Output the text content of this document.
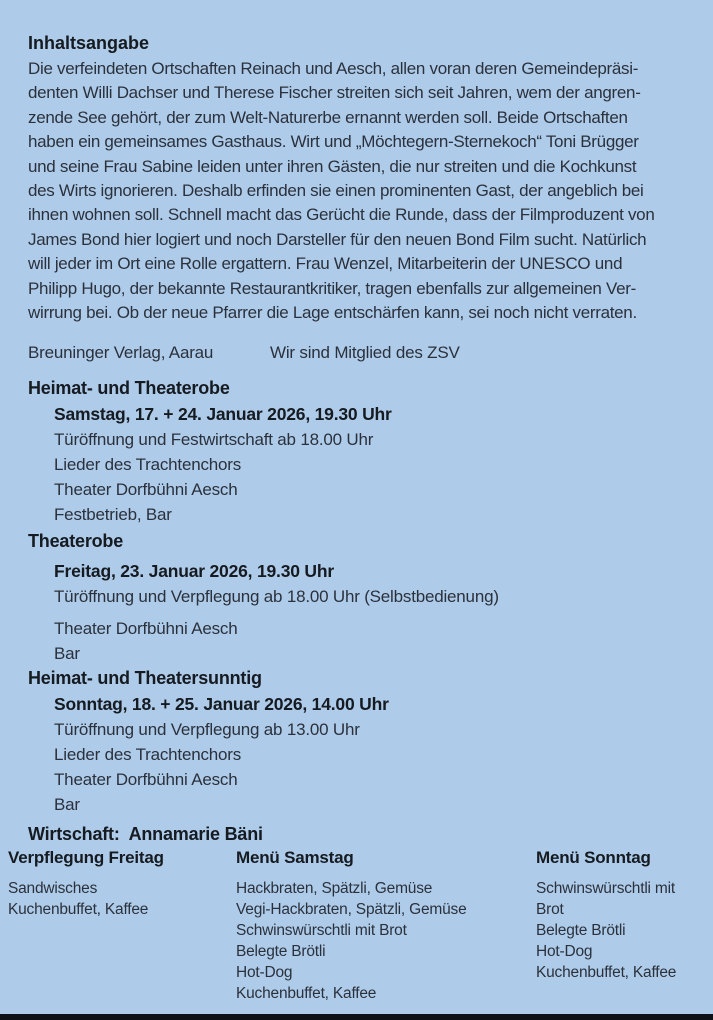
Inhaltsangabe
Die verfeindeten Ortschaften Reinach und Aesch, allen voran deren Gemeindepräsi-
denten Willi Dachser und Therese Fischer streiten sich seit Jahren, wem der angren-
zende See gehört, der zum Welt-Naturerbe ernannt werden soll. Beide Ortschaften
haben ein gemeinsames Gasthaus. Wirt und „Möchtegern-Sternekoch“ Toni Brügger
und seine Frau Sabine leiden unter ihren Gästen, die nur streiten und die Kochkunst
des Wirts ignorieren. Deshalb erfinden sie einen prominenten Gast, der angeblich bei
ihnen wohnen soll. Schnell macht das Gerücht die Runde, dass der Filmproduzent von
James Bond hier logiert und noch Darsteller für den neuen Bond Film sucht. Natürlich
will jeder im Ort eine Rolle ergattern. Frau Wenzel, Mitarbeiterin der UNESCO und
Philipp Hugo, der bekannte Restaurantkritiker, tragen ebenfalls zur allgemeinen Ver-
wirrung bei. Ob der neue Pfarrer die Lage entschärfen kann, sei noch nicht verraten.
Breuninger Verlag, Aarau	Wir sind Mitglied des ZSV
Heimat- und Theaterobe
Samstag, 17. + 24. Januar 2026, 19.30 Uhr
Türöffnung und Festwirtschaft ab 18.00 Uhr
Lieder des Trachtenchors
Theater Dorfbühni Aesch
Festbetrieb, Bar
Theaterobe
Freitag, 23. Januar 2026, 19.30 Uhr
Türöffnung und Verpflegung ab 18.00 Uhr (Selbstbedienung)
Theater Dorfbühni Aesch
Bar
Heimat- und Theatersunntig
Sonntag, 18. + 25. Januar 2026, 14.00 Uhr
Türöffnung und Verpflegung ab 13.00 Uhr
Lieder des Trachtenchors
Theater Dorfbühni Aesch
Bar
Wirtschaft:  Annamarie Bäni
Verpflegung Freitag
Sandwisches
Kuchenbuffet, Kaffee
Menü Samstag
Hackbraten, Spätzli, Gemüse
Vegi-Hackbraten, Spätzli, Gemüse
Schwinswürschtli mit Brot
Belegte Brötli
Hot-Dog
Kuchenbuffet, Kaffee
Menü Sonntag
Schwinswürschtli mit Brot
Belegte Brötli
Hot-Dog
Kuchenbuffet, Kaffee
